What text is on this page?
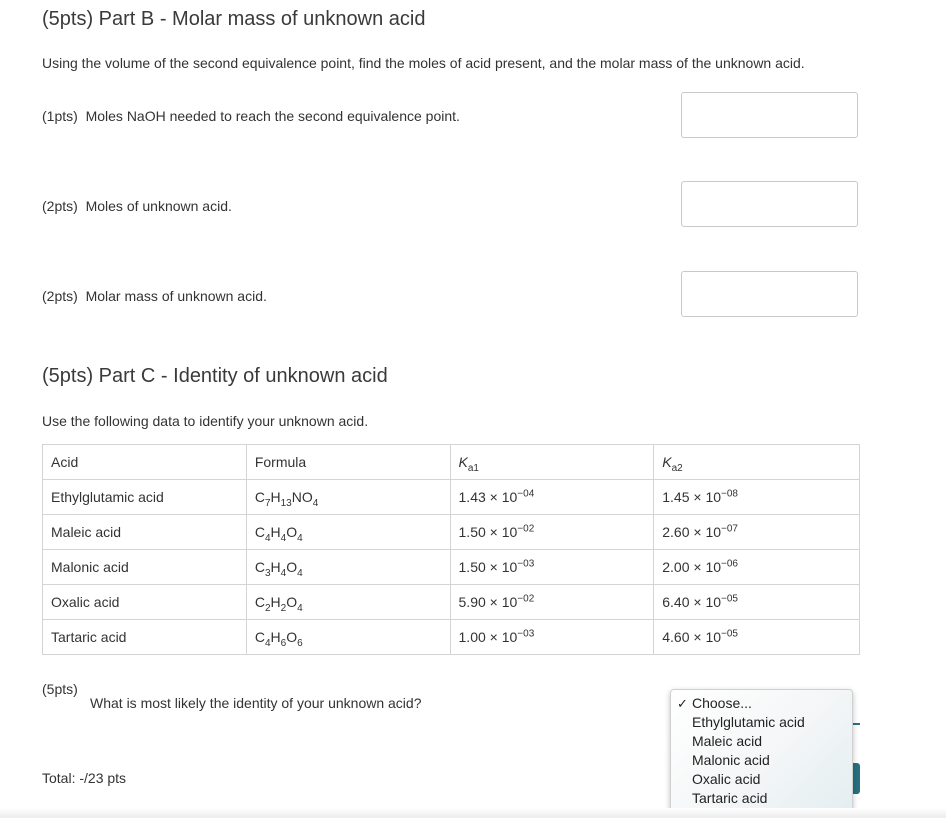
(5pts) Part B - Molar mass of unknown acid
Using the volume of the second equivalence point, find the moles of acid present, and the molar mass of the unknown acid.
(1pts) Moles NaOH needed to reach the second equivalence point.
(2pts) Moles of unknown acid.
(2pts) Molar mass of unknown acid.
(5pts) Part C - Identity of unknown acid
Use the following data to identify your unknown acid.
Acid	Formula	$K_{a1}$	$K_{a2}$
Ethylglutamic acid	$C_7H_{13}NO_4$	$1.43 \times 10^{-04}$	$1.45 \times 10^{-08}$
Maleic acid	$C_4H_4O_4$	$1.50 \times 10^{-02}$	$2.60 \times 10^{-07}$
Malonic acid	$C_3H_4O_4$	$1.50 \times 10^{-03}$	$2.00 \times 10^{-06}$
Oxalic acid	$C_2H_2O_4$	$5.90 \times 10^{-02}$	$6.40 \times 10^{-05}$
Tartaric acid	$C_4H_6O_6$	$1.00 \times 10^{-03}$	$4.60 \times 10^{-05}$
(5pts)
What is most likely the identity of your unknown acid?	✓ Choose...
Ethylglutamic acid
Maleic acid
Malonic acid
Oxalic acid
Tartaric acid
Total: -/23 pts
